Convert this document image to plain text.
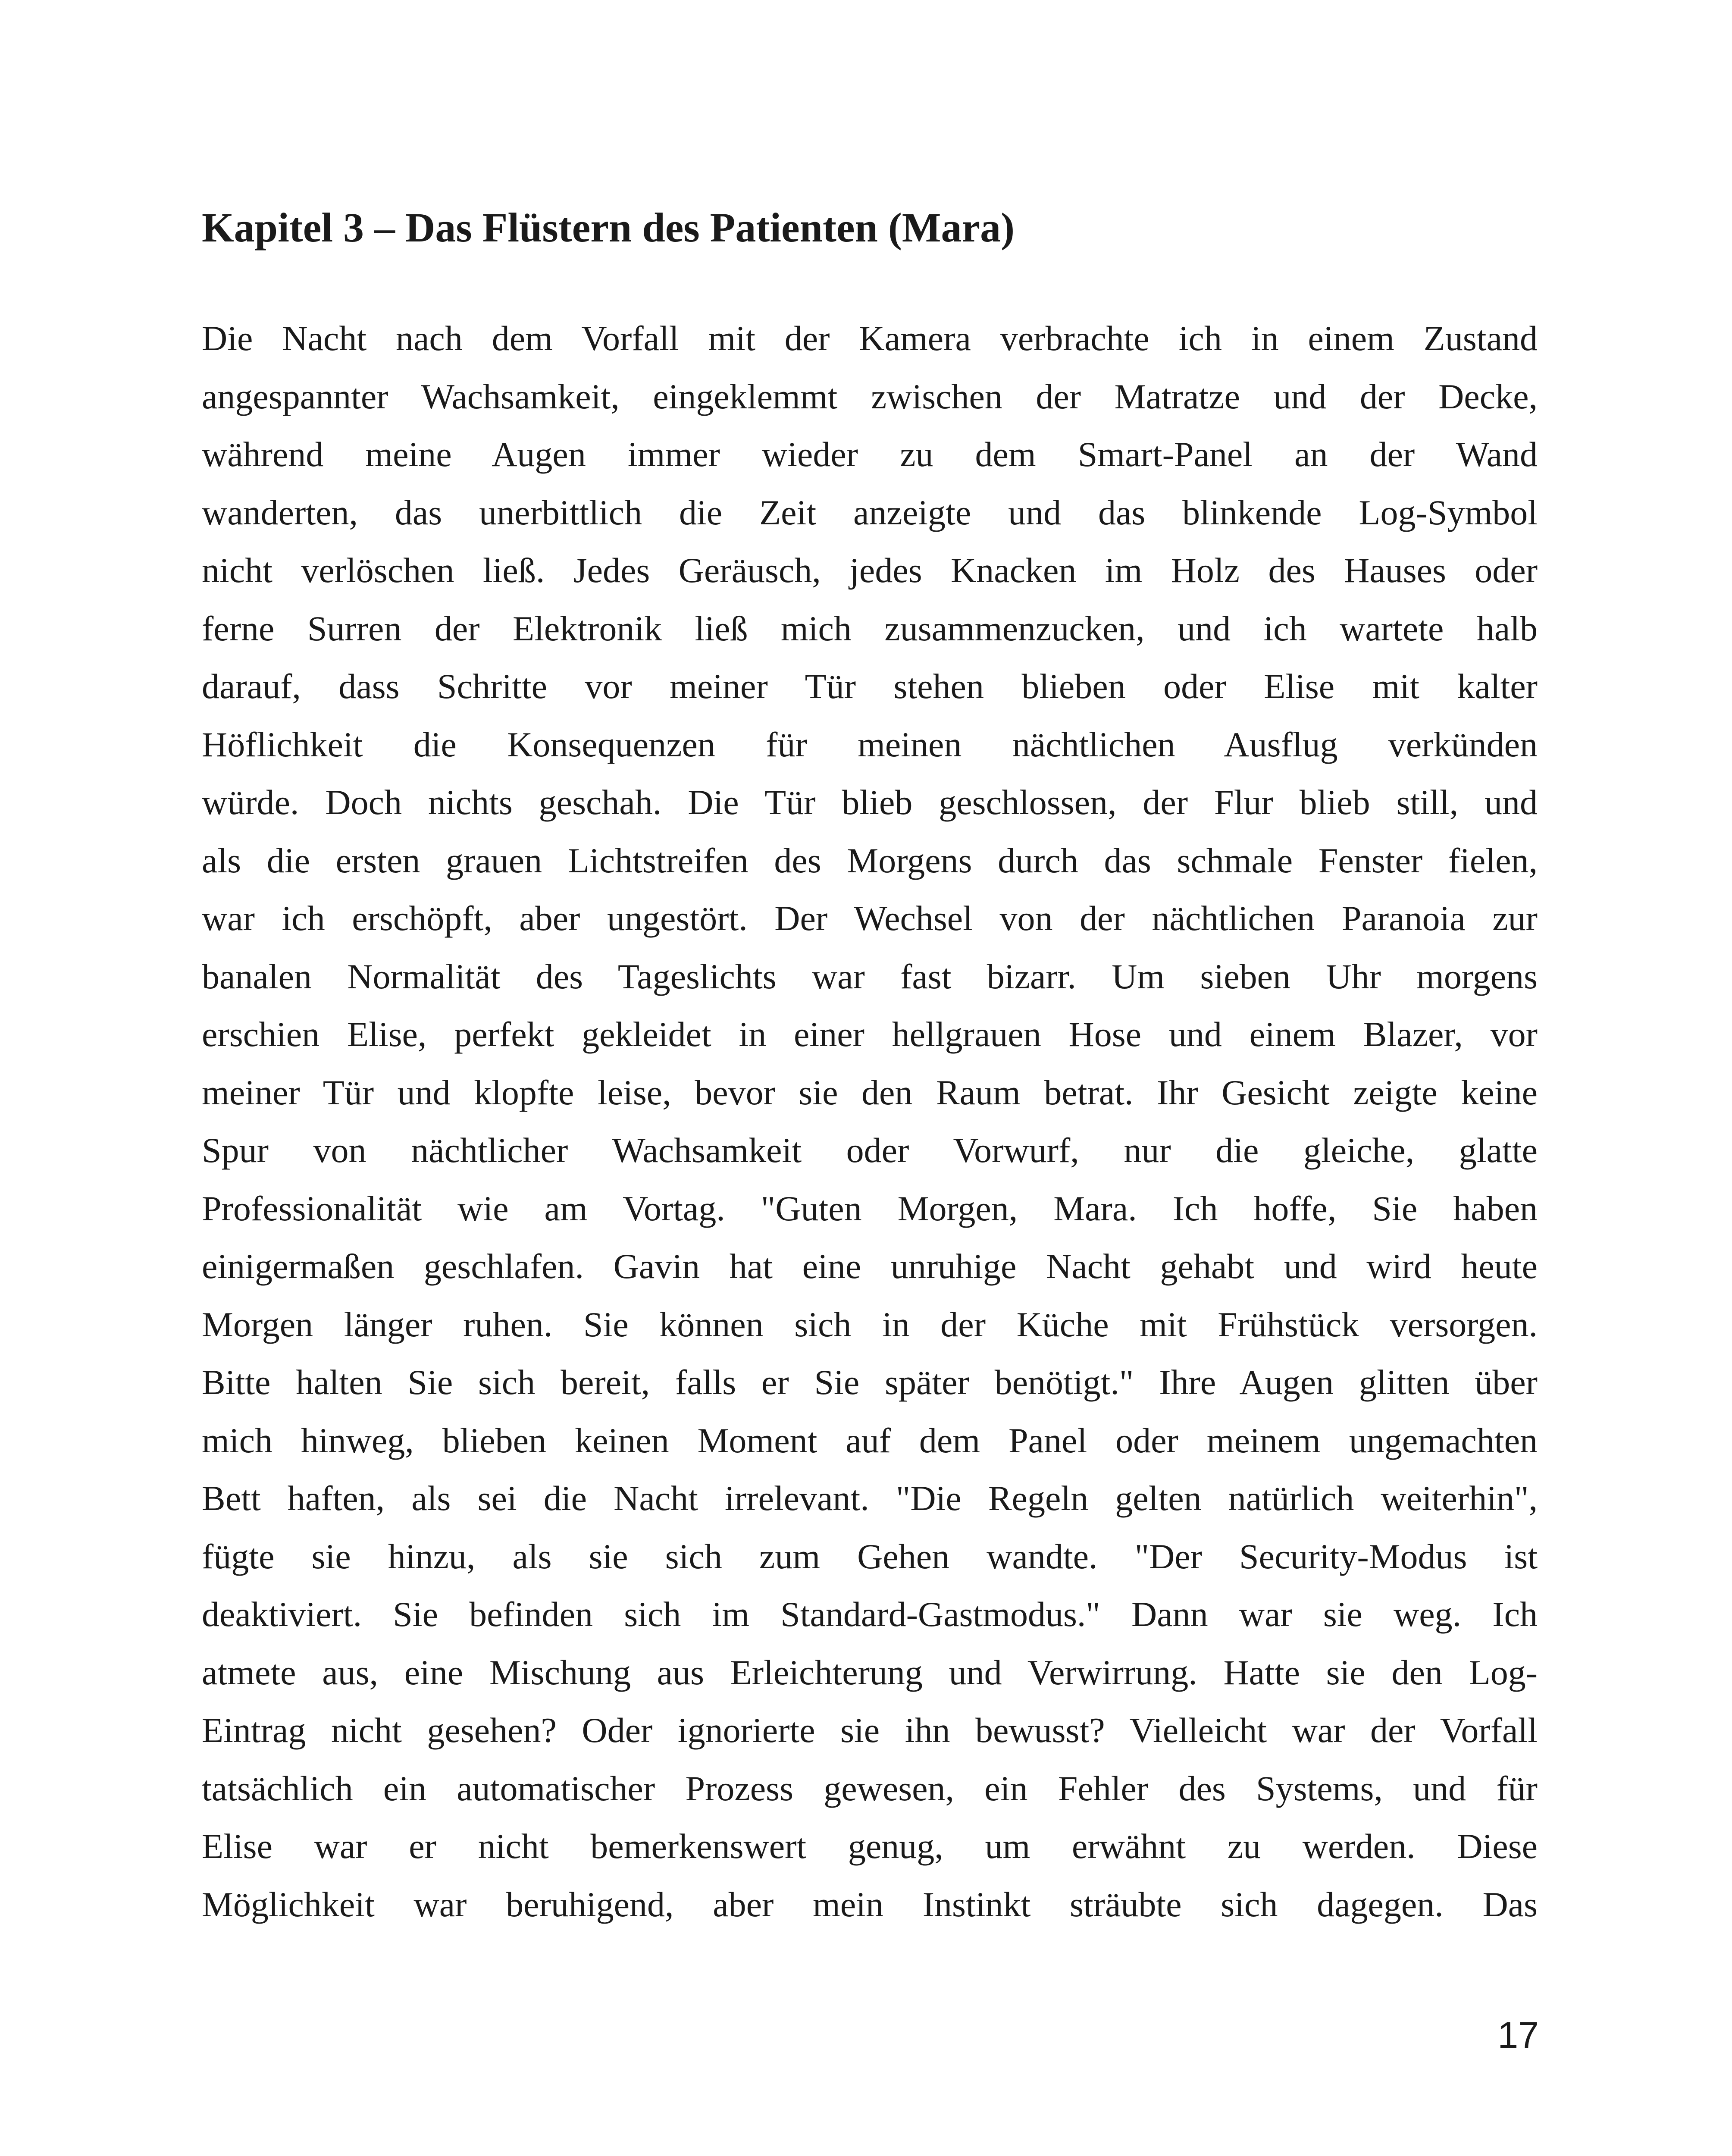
Kapitel 3 – Das Flüstern des Patienten (Mara)
Die Nacht nach dem Vorfall mit der Kamera verbrachte ich in einem Zustand
angespannter Wachsamkeit, eingeklemmt zwischen der Matratze und der Decke,
während meine Augen immer wieder zu dem Smart-Panel an der Wand
wanderten, das unerbittlich die Zeit anzeigte und das blinkende Log-Symbol
nicht verlöschen ließ. Jedes Geräusch, jedes Knacken im Holz des Hauses oder
ferne Surren der Elektronik ließ mich zusammenzucken, und ich wartete halb
darauf, dass Schritte vor meiner Tür stehen blieben oder Elise mit kalter
Höflichkeit die Konsequenzen für meinen nächtlichen Ausflug verkünden
würde. Doch nichts geschah. Die Tür blieb geschlossen, der Flur blieb still, und
als die ersten grauen Lichtstreifen des Morgens durch das schmale Fenster fielen,
war ich erschöpft, aber ungestört. Der Wechsel von der nächtlichen Paranoia zur
banalen Normalität des Tageslichts war fast bizarr. Um sieben Uhr morgens
erschien Elise, perfekt gekleidet in einer hellgrauen Hose und einem Blazer, vor
meiner Tür und klopfte leise, bevor sie den Raum betrat. Ihr Gesicht zeigte keine
Spur von nächtlicher Wachsamkeit oder Vorwurf, nur die gleiche, glatte
Professionalität wie am Vortag. "Guten Morgen, Mara. Ich hoffe, Sie haben
einigermaßen geschlafen. Gavin hat eine unruhige Nacht gehabt und wird heute
Morgen länger ruhen. Sie können sich in der Küche mit Frühstück versorgen.
Bitte halten Sie sich bereit, falls er Sie später benötigt." Ihre Augen glitten über
mich hinweg, blieben keinen Moment auf dem Panel oder meinem ungemachten
Bett haften, als sei die Nacht irrelevant. "Die Regeln gelten natürlich weiterhin",
fügte sie hinzu, als sie sich zum Gehen wandte. "Der Security-Modus ist
deaktiviert. Sie befinden sich im Standard-Gastmodus." Dann war sie weg. Ich
atmete aus, eine Mischung aus Erleichterung und Verwirrung. Hatte sie den Log-
Eintrag nicht gesehen? Oder ignorierte sie ihn bewusst? Vielleicht war der Vorfall
tatsächlich ein automatischer Prozess gewesen, ein Fehler des Systems, und für
Elise war er nicht bemerkenswert genug, um erwähnt zu werden. Diese
Möglichkeit war beruhigend, aber mein Instinkt sträubte sich dagegen. Das
17
